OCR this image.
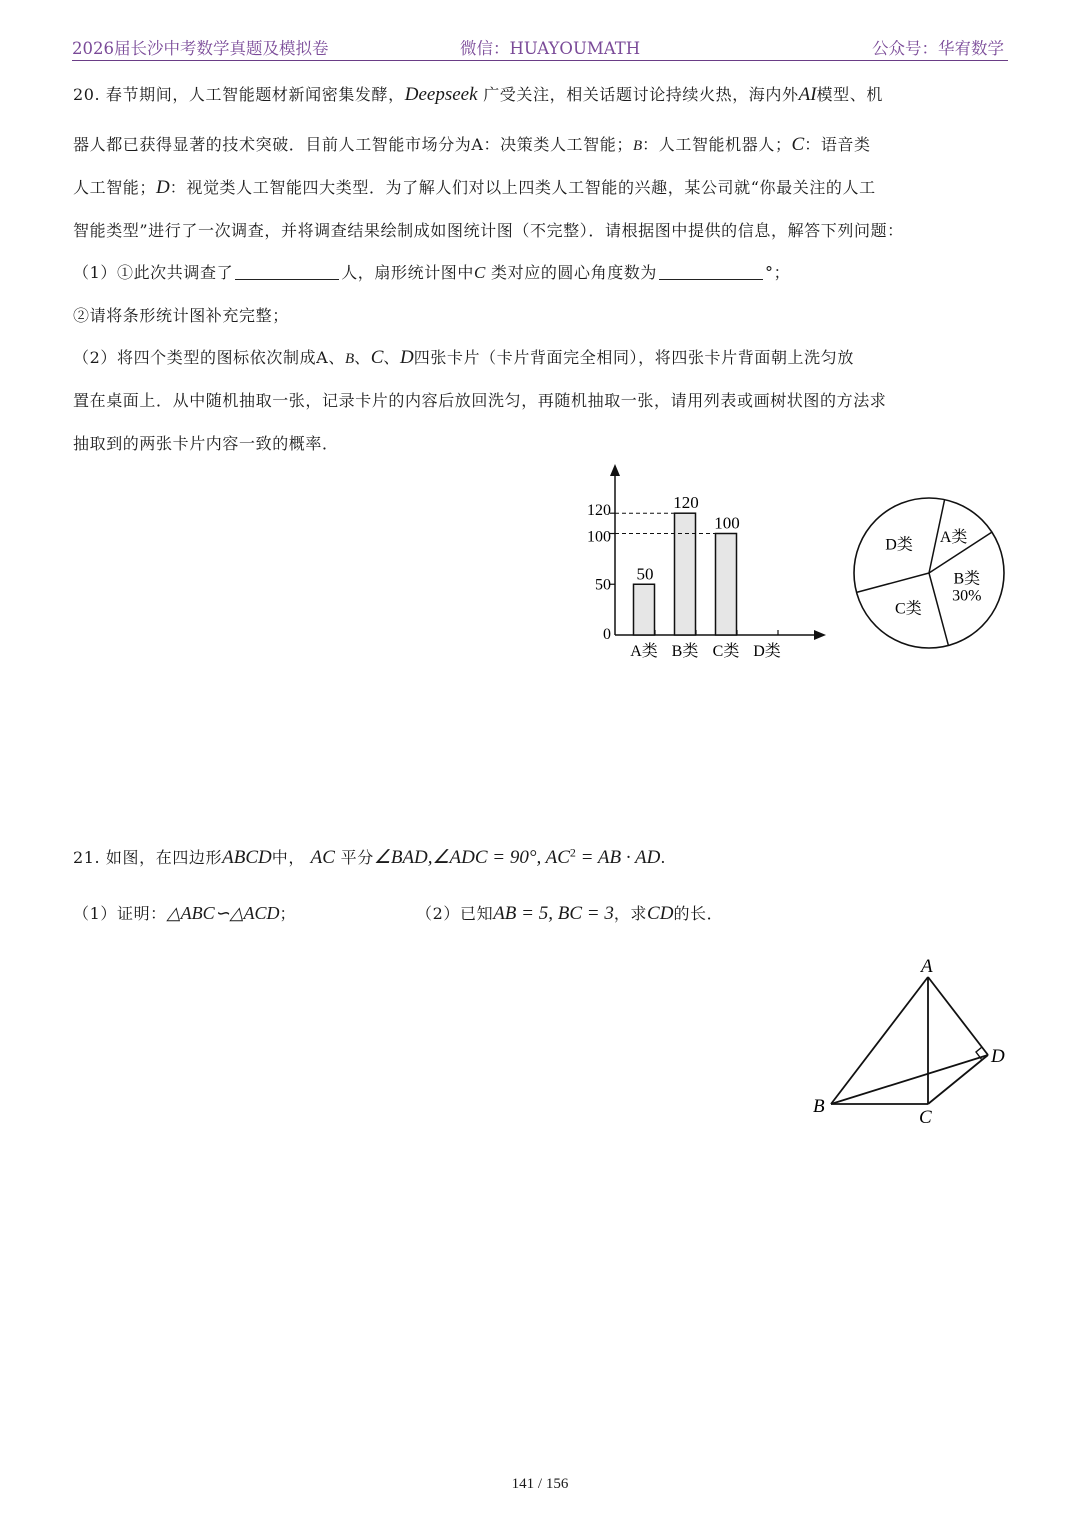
2026届长沙中考数学真题及模拟卷	微信：HUAYOUMATH	公众号：华宥数学
20. 春节期间，人工智能题材新闻密集发酵，Deepseek 广受关注，相关话题讨论持续火热，海内外AI模型、机
器人都已获得显著的技术突破．目前人工智能市场分为A：决策类人工智能；B：人工智能机器人；C：语音类
人工智能；D：视觉类人工智能四大类型．为了解人们对以上四类人工智能的兴趣，某公司就“你最关注的人工
智能类型”进行了一次调查，并将调查结果绘制成如图统计图（不完整）．请根据图中提供的信息，解答下列问题：
（1）①此次共调查了	人，扇形统计图中C 类对应的圆心角度数为	°；
②请将条形统计图补充完整；
（2）将四个类型的图标依次制成A、B、C、D四张卡片（卡片背面完全相同），将四张卡片背面朝上洗匀放
置在桌面上．从中随机抽取一张，记录卡片的内容后放回洗匀，再随机抽取一张，请用列表或画树状图的方法求
抽取到的两张卡片内容一致的概率．
0
50
100
120
A类
50
B类
120
C类
100
D类
A类
B类
30%
C类
D类
21. 如图，在四边形ABCD中， AC 平分∠BAD,∠ADC = 90°, $AC^2$ = AB · AD.
（1）证明：△ABC∽△ACD；	（2）已知AB = 5, BC = 3，求CD的长．
A
B
C
D
141 / 156
